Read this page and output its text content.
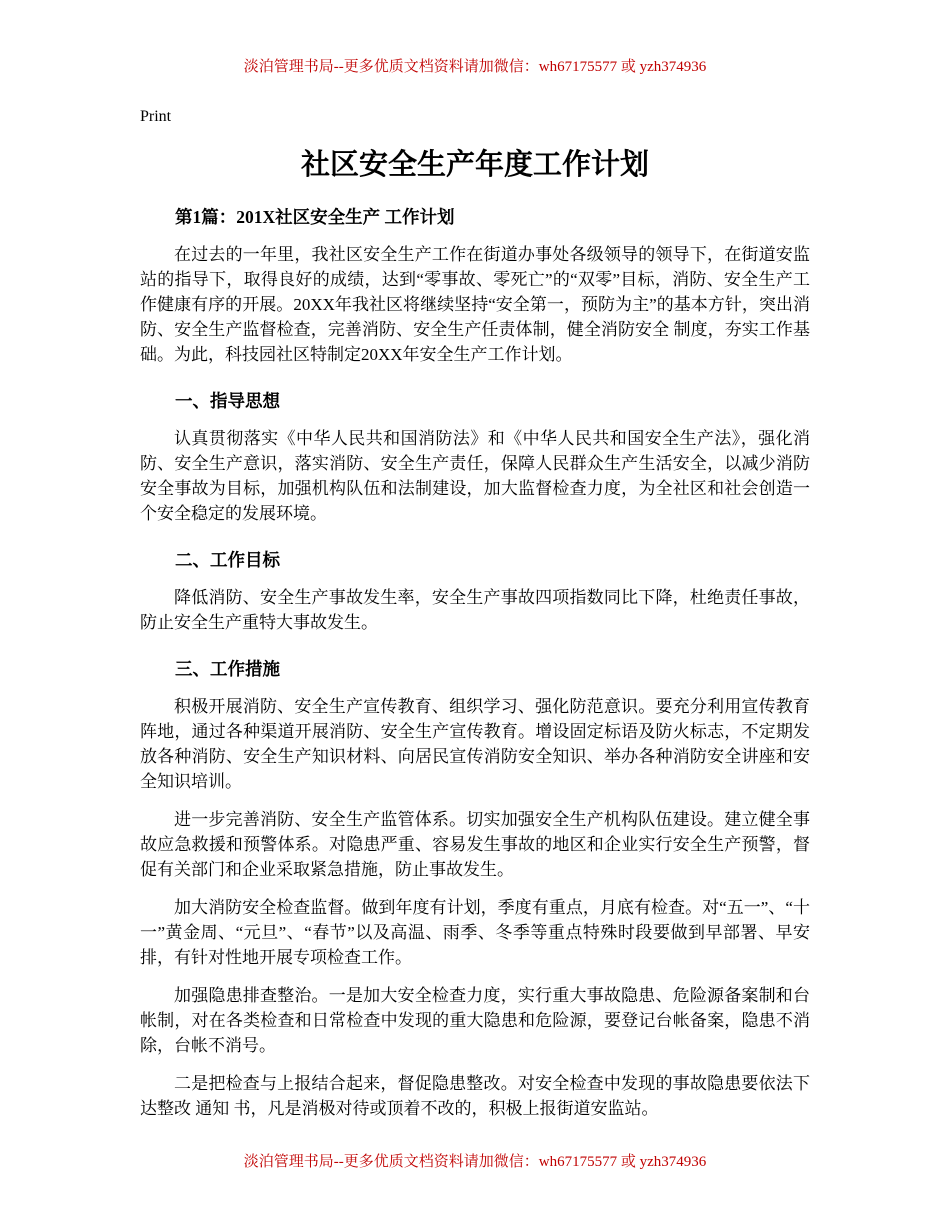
淡泊管理书局--更多优质文档资料请加微信：wh67175577 或 yzh374936
Print
社区安全生产年度工作计划
第1篇：201X社区安全生产 工作计划

在过去的一年里，我社区安全生产工作在街道办事处各级领导的领导下，在街道安监站的指导下，取得良好的成绩，达到“零事故、零死亡”的“双零”目标，消防、安全生产工作健康有序的开展。20XX年我社区将继续坚持“安全第一，预防为主”的基本方针，突出消防、安全生产监督检查，完善消防、安全生产任责体制，健全消防安全 制度，夯实工作基础。为此，科技园社区特制定20XX年安全生产工作计划。

一、指导思想

认真贯彻落实《中华人民共和国消防法》和《中华人民共和国安全生产法》，强化消防、安全生产意识，落实消防、安全生产责任，保障人民群众生产生活安全，以减少消防安全事故为目标，加强机构队伍和法制建设，加大监督检查力度，为全社区和社会创造一个安全稳定的发展环境。

二、工作目标

降低消防、安全生产事故发生率，安全生产事故四项指数同比下降，杜绝责任事故，防止安全生产重特大事故发生。

三、工作措施

积极开展消防、安全生产宣传教育、组织学习、强化防范意识。要充分利用宣传教育阵地，通过各种渠道开展消防、安全生产宣传教育。增设固定标语及防火标志，不定期发放各种消防、安全生产知识材料、向居民宣传消防安全知识、举办各种消防安全讲座和安全知识培训。

进一步完善消防、安全生产监管体系。切实加强安全生产机构队伍建设。建立健全事故应急救援和预警体系。对隐患严重、容易发生事故的地区和企业实行安全生产预警，督促有关部门和企业采取紧急措施，防止事故发生。

加大消防安全检查监督。做到年度有计划，季度有重点，月底有检查。对“五一”、“十一”黄金周、“元旦”、“春节”以及高温、雨季、冬季等重点特殊时段要做到早部署、早安排，有针对性地开展专项检查工作。

加强隐患排查整治。一是加大安全检查力度，实行重大事故隐患、危险源备案制和台帐制，对在各类检查和日常检查中发现的重大隐患和危险源，要登记台帐备案，隐患不消除，台帐不消号。

二是把检查与上报结合起来，督促隐患整改。对安全检查中发现的事故隐患要依法下达整改 通知 书，凡是消极对待或顶着不改的，积极上报街道安监站。

淡泊管理书局--更多优质文档资料请加微信：wh67175577 或 yzh374936
